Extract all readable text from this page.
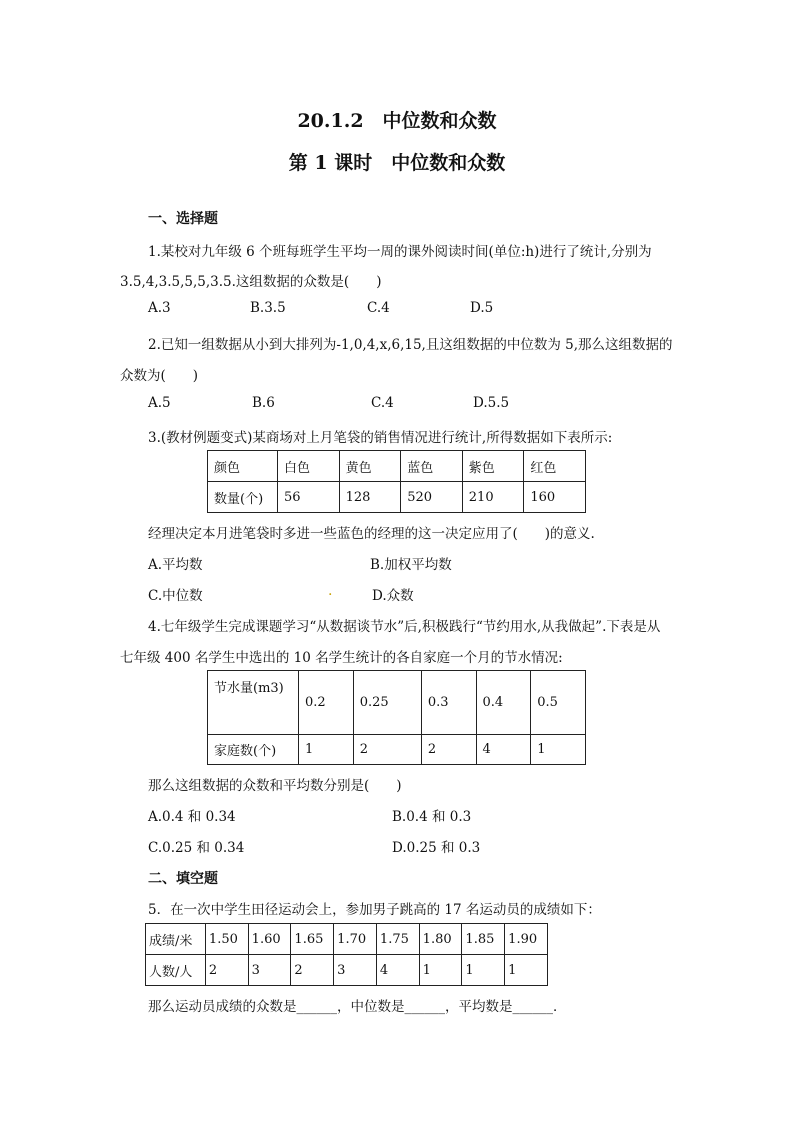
20.1.2　中位数和众数
第 1 课时　中位数和众数
一、选择题
1.某校对九年级 6 个班每班学生平均一周的课外阅读时间(单位:h)进行了统计,分别为
3.5,4,3.5,5,5,3.5.这组数据的众数是(　　)
A.3	B.3.5	C.4	D.5
2.已知一组数据从小到大排列为-1,0,4,x,6,15,且这组数据的中位数为 5,那么这组数据的
众数为(　　)
A.5	B.6	C.4	D.5.5
3.(教材例题变式)某商场对上月笔袋的销售情况进行统计,所得数据如下表所示:
颜色	白色	黄色	蓝色	紫色	红色
数量(个)	56	128	520	210	160
经理决定本月进笔袋时多进一些蓝色的经理的这一决定应用了(　　)的意义.
A.平均数	B.加权平均数
C.中位数	.	D.众数
4.七年级学生完成课题学习“从数据谈节水”后,积极践行“节约用水,从我做起”.下表是从
七年级 400 名学生中选出的 10 名学生统计的各自家庭一个月的节水情况:
节水量(m3)	0.2	0.25	0.3	0.4	0.5
家庭数(个)	1	2	2	4	1
那么这组数据的众数和平均数分别是(　　)
A.0.4 和 0.34	B.0.4 和 0.3
C.0.25 和 0.34	D.0.25 和 0.3
二、填空题
5．在一次中学生田径运动会上，参加男子跳高的 17 名运动员的成绩如下：
成绩/米	1.50	1.60	1.65	1.70	1.75	1.80	1.85	1.90
人数/人	2	3	2	3	4	1	1	1
那么运动员成绩的众数是______，中位数是______，平均数是______．
